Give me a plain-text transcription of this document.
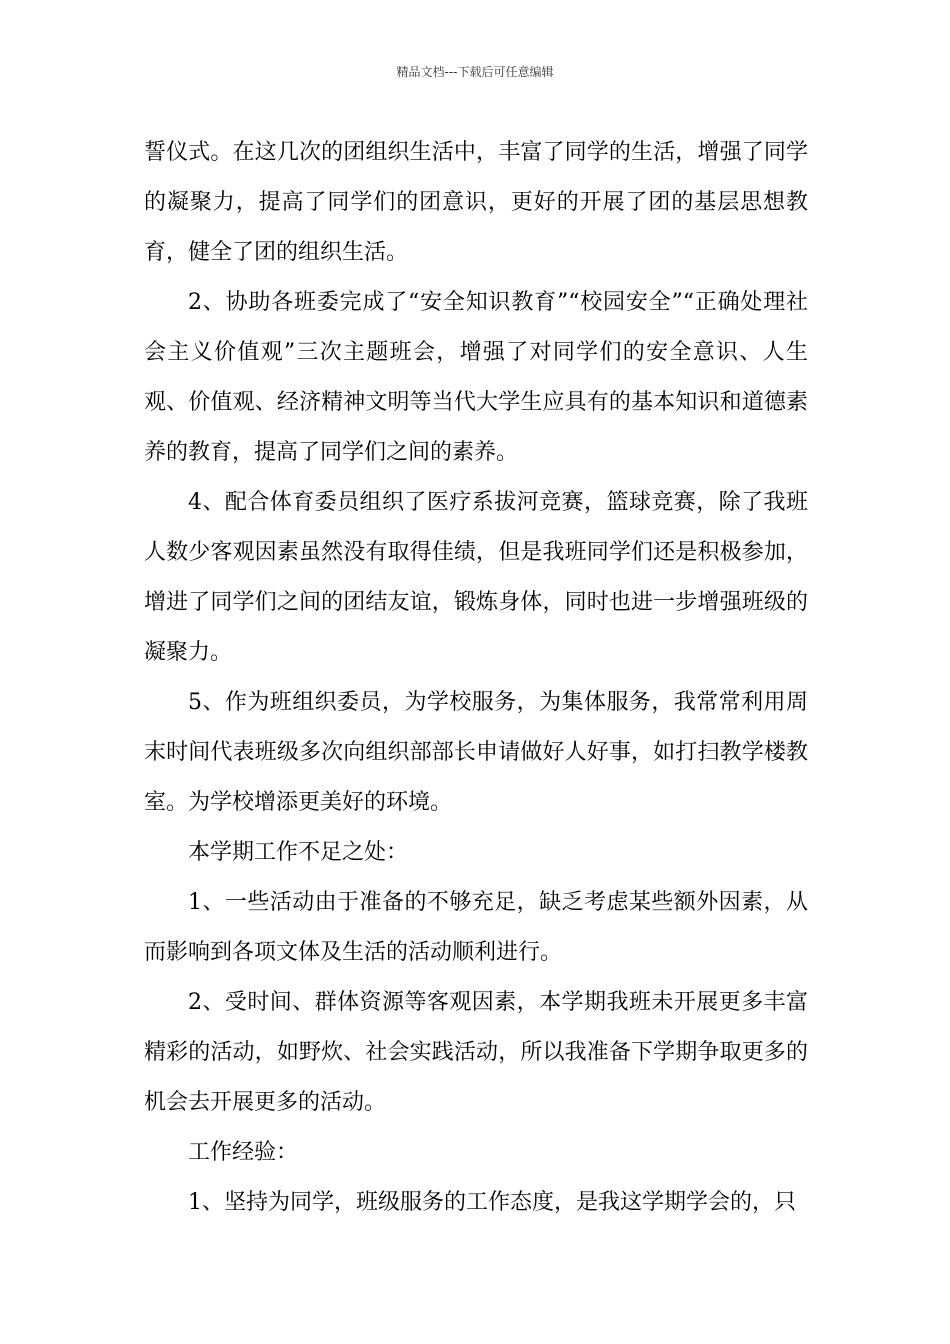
精品文档---下载后可任意编辑

誓仪式。在这几次的团组织生活中，丰富了同学的生活，增强了同学的凝聚力，提高了同学们的团意识，更好的开展了团的基层思想教育，健全了团的组织生活。

2、协助各班委完成了“安全知识教育”“校园安全”“正确处理社会主义价值观”三次主题班会，增强了对同学们的安全意识、人生观、价值观、经济精神文明等当代大学生应具有的基本知识和道德素养的教育，提高了同学们之间的素养。

4、配合体育委员组织了医疗系拔河竞赛，篮球竞赛，除了我班人数少客观因素虽然没有取得佳绩，但是我班同学们还是积极参加，增进了同学们之间的团结友谊，锻炼身体，同时也进一步增强班级的凝聚力。

5、作为班组织委员，为学校服务，为集体服务，我常常利用周末时间代表班级多次向组织部部长申请做好人好事，如打扫教学楼教室。为学校增添更美好的环境。

本学期工作不足之处：

1、一些活动由于准备的不够充足，缺乏考虑某些额外因素，从而影响到各项文体及生活的活动顺利进行。

2、受时间、群体资源等客观因素，本学期我班未开展更多丰富精彩的活动，如野炊、社会实践活动，所以我准备下学期争取更多的机会去开展更多的活动。

工作经验：

1、坚持为同学，班级服务的工作态度，是我这学期学会的，只
